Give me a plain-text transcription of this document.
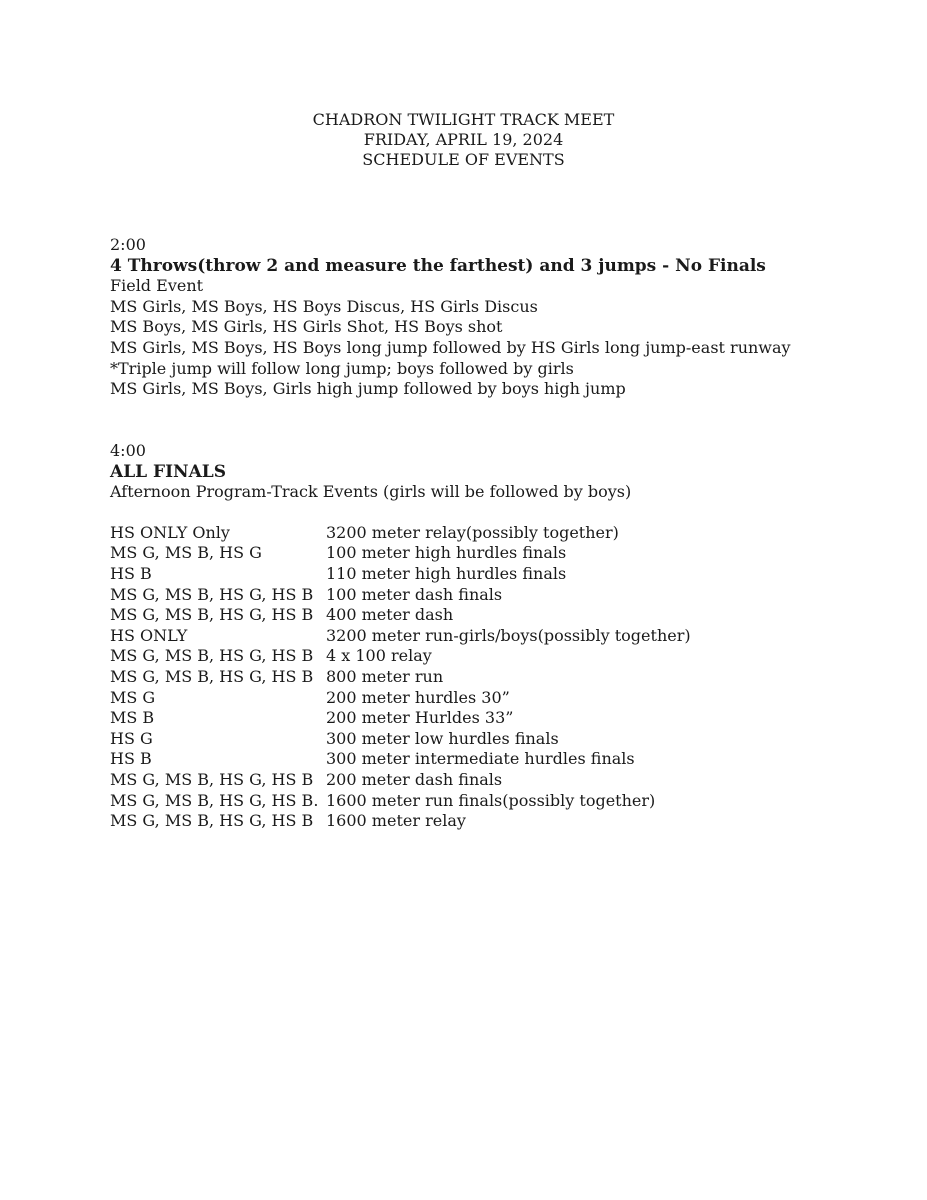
CHADRON TWILIGHT TRACK MEET
FRIDAY, APRIL 19, 2024
SCHEDULE OF EVENTS
2:00
4 Throws(throw 2 and measure the farthest) and 3 jumps - No Finals
Field Event
MS Girls, MS Boys, HS Boys Discus, HS Girls Discus
MS Boys, MS Girls, HS Girls Shot, HS Boys shot
MS Girls, MS Boys, HS Boys long jump followed by HS Girls long jump-east runway
*Triple jump will follow long jump; boys followed by girls
MS Girls, MS Boys, Girls high jump followed by boys high jump
4:00
ALL FINALS
Afternoon Program-Track Events (girls will be followed by boys)
HS ONLY Only	3200 meter relay(possibly together)
MS G, MS B, HS G	100 meter high hurdles finals
HS B	110 meter high hurdles finals
MS G, MS B, HS G, HS B 100 meter dash finals
MS G, MS B, HS G, HS B 400 meter dash
HS ONLY	3200 meter run-girls/boys(possibly together)
MS G, MS B, HS G, HS B 4 x 100 relay
MS G, MS B, HS G, HS B 800 meter run
MS G	200 meter hurdles 30”
MS B	200 meter Hurldes 33”
HS G	300 meter low hurdles finals
HS B	300 meter intermediate hurdles finals
MS G, MS B, HS G, HS B 200 meter dash finals
MS G, MS B, HS G, HS B. 1600 meter run finals(possibly together)
MS G, MS B, HS G, HS B 1600 meter relay
